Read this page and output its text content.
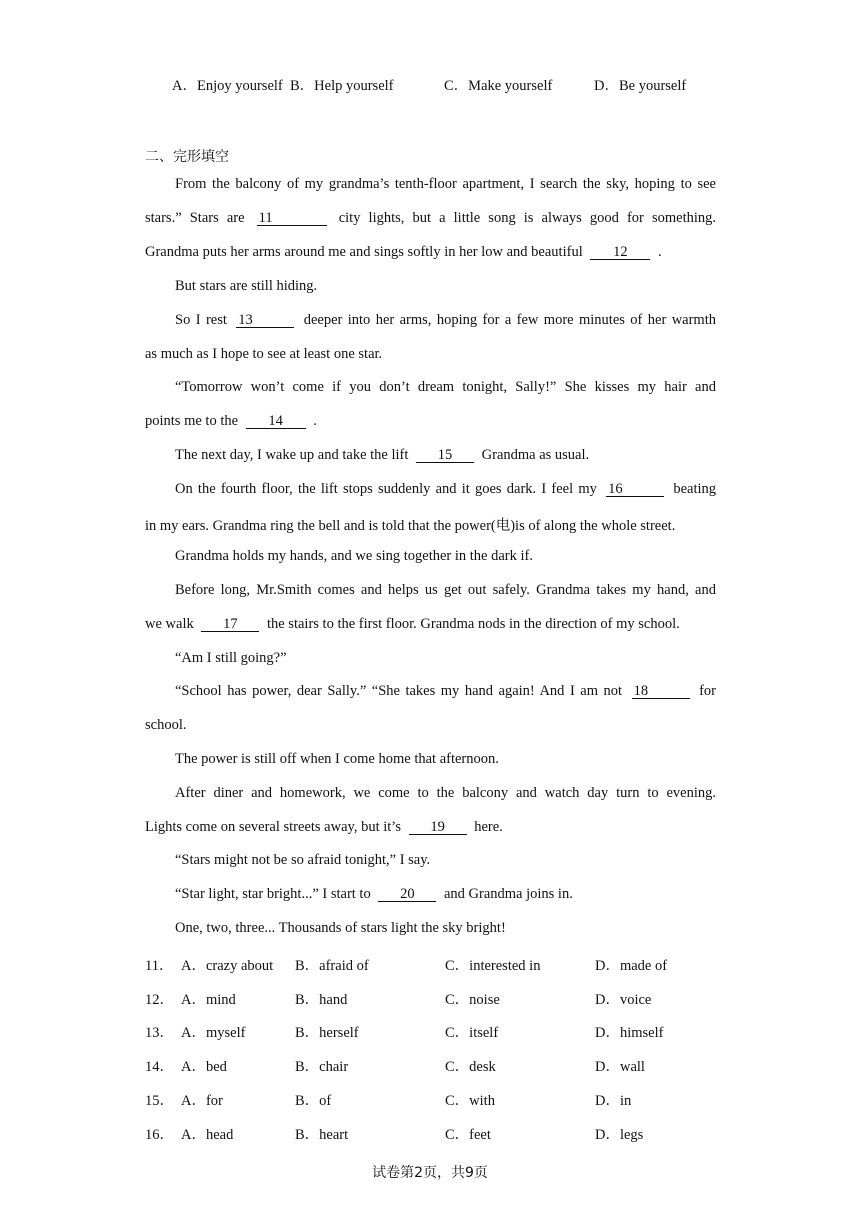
A．Enjoy yourself B．Help yourself	C．Make yourself	D．Be yourself
二、完形填空
From the balcony of my grandma’s tenth-floor apartment, I search the sky, hoping to see
stars.” Stars are 11	city lights, but a little song is always good for something.
Grandma puts her arms around me and sings softly in her low and beautiful 12 .
But stars are still hiding.
So I rest 13	deeper into her arms, hoping for a few more minutes of her warmth
as much as I hope to see at least one star.
“Tomorrow won’t come if you don’t dream tonight, Sally!” She kisses my hair and
points me to the 14 .
The next day, I wake up and take the lift 15 Grandma as usual.
On the fourth floor, the lift stops suddenly and it goes dark. I feel my 16	beating
in my ears. Grandma ring the bell and is told that the power(电)is of along the whole street.
Grandma holds my hands, and we sing together in the dark if.
Before long, Mr.Smith comes and helps us get out safely. Grandma takes my hand, and
we walk 17 the stairs to the first floor. Grandma nods in the direction of my school.
“Am I still going?”
“School has power, dear Sally.” “She takes my hand again! And I am not 18	for
school.
The power is still off when I come home that afternoon.
After diner and homework, we come to the balcony and watch day turn to evening.
Lights come on several streets away, but it’s 19 here.
“Stars might not be so afraid tonight,” I say.
“Star light, star bright...” I start to 20 and Grandma joins in.
One, two, three... Thousands of stars light the sky bright!
11． A．crazy about B．afraid of	C．interested in	D．made of
12． A．mind	B．hand	C．noise	D．voice
13． A．myself	B．herself	C．itself	D．himself
14． A．bed	B．chair	C．desk	D．wall
15． A．for	B．of	C．with	D．in
16． A．head	B．heart	C．feet	D．legs
试卷第2页，共9页
